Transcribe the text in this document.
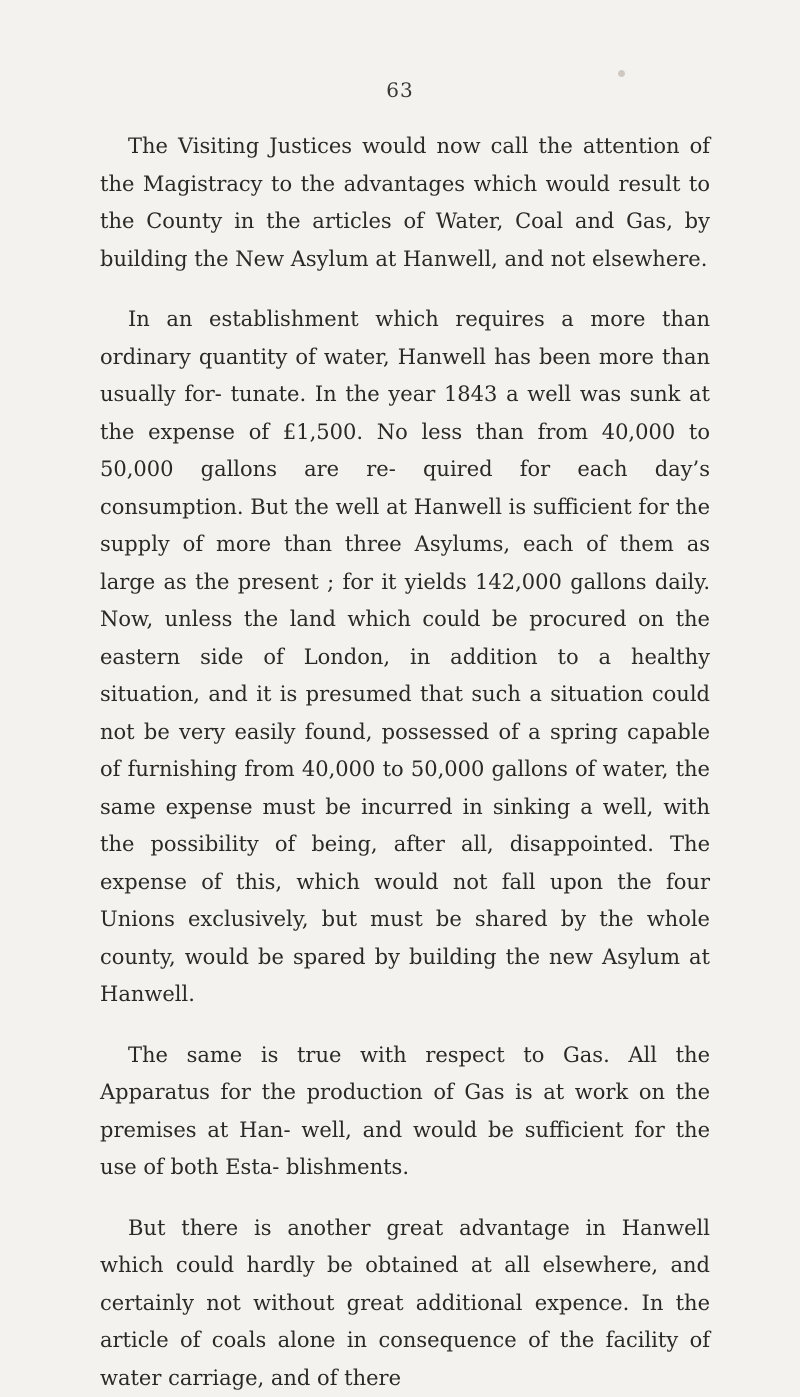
63

The Visiting Justices would now call the attention of the Magistracy to the advantages which would result to the County in the articles of Water, Coal and Gas, by building the New Asylum at Hanwell, and not elsewhere.

In an establishment which requires a more than ordinary quantity of water, Hanwell has been more than usually for- tunate. In the year 1843 a well was sunk at the expense of £1,500. No less than from 40,000 to 50,000 gallons are re- quired for each day’s consumption. But the well at Hanwell is sufficient for the supply of more than three Asylums, each of them as large as the present ; for it yields 142,000 gallons daily. Now, unless the land which could be procured on the eastern side of London, in addition to a healthy situation, and it is presumed that such a situation could not be very easily found, possessed of a spring capable of furnishing from 40,000 to 50,000 gallons of water, the same expense must be incurred in sinking a well, with the possibility of being, after all, disappointed. The expense of this, which would not fall upon the four Unions exclusively, but must be shared by the whole county, would be spared by building the new Asylum at Hanwell.

The same is true with respect to Gas. All the Apparatus for the production of Gas is at work on the premises at Han- well, and would be sufficient for the use of both Esta- blishments.

But there is another great advantage in Hanwell which could hardly be obtained at all elsewhere, and certainly not without great additional expence. In the article of coals alone in consequence of the facility of water carriage, and of there
